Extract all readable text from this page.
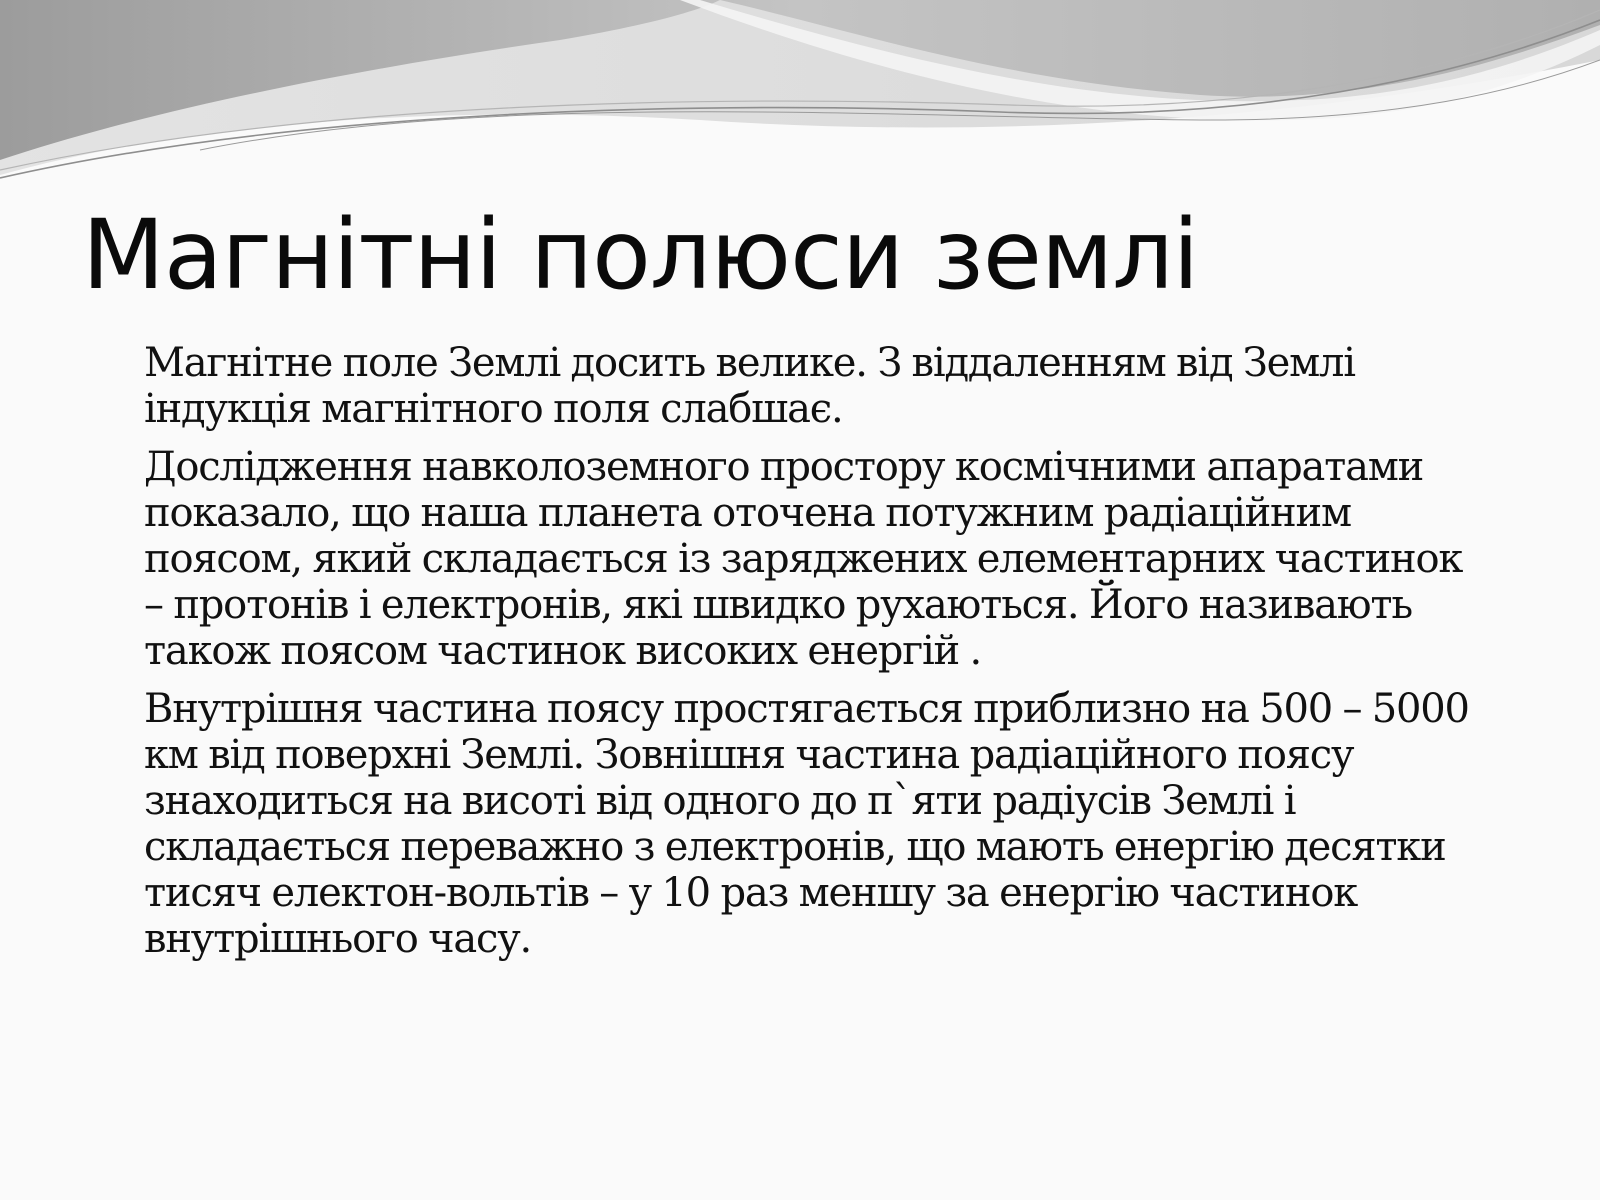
Магнітні полюси землі

Магнітне поле Землі досить велике. З віддаленням від Землі індукція магнітного поля слабшає.

Дослідження навколоземного простору космічними апаратами показало, що наша планета оточена потужним радіаційним поясом, який складається із заряджених елементарних частинок – протонів і електронів, які швидко рухаються. Його називають також поясом частинок високих енергій .

Внутрішня частина поясу простягається приблизно на 500 – 5000 км від поверхні Землі. Зовнішня частина радіаційного поясу знаходиться на висоті від одного до п`яти радіусів Землі і складається переважно з електронів, що мають енергію десятки тисяч електон-вольтів – у 10 раз меншу за енергію частинок внутрішнього часу.
